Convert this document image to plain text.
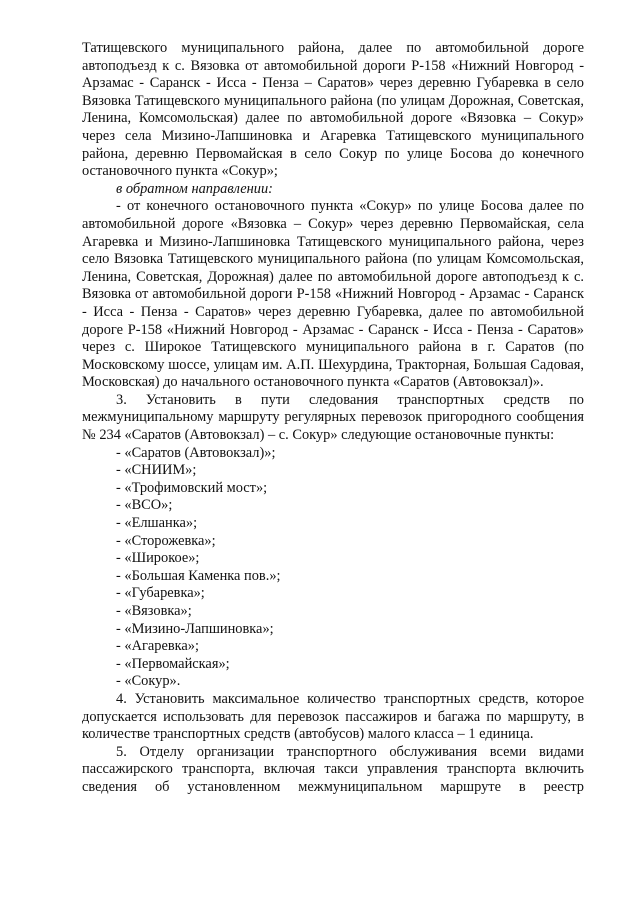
Татищевского муниципального района, далее по автомобильной дороге автоподъезд к с. Вязовка от автомобильной дороги Р-158 «Нижний Новгород - Арзамас - Саранск - Исса - Пенза – Саратов» через деревню Губаревка в село Вязовка Татищевского муниципального района (по улицам Дорожная, Советская, Ленина, Комсомольская) далее по автомобильной дороге «Вязовка – Сокур» через села Мизино-Лапшиновка и Агаревка Татищевского муниципального района, деревню Первомайская в село Сокур по улице Босова до конечного остановочного пункта «Сокур»;

в обратном направлении:

- от конечного остановочного пункта «Сокур» по улице Босова далее по автомобильной дороге «Вязовка – Сокур» через деревню Первомайская, села Агаревка и Мизино-Лапшиновка Татищевского муниципального района, через село Вязовка Татищевского муниципального района (по улицам Комсомольская, Ленина, Советская, Дорожная) далее по автомобильной дороге автоподъезд к с. Вязовка от автомобильной дороги Р-158 «Нижний Новгород - Арзамас - Саранск - Исса - Пенза - Саратов» через деревню Губаревка, далее по автомобильной дороге Р-158 «Нижний Новгород - Арзамас - Саранск - Исса - Пенза - Саратов» через с. Широкое Татищевского муниципального района в г. Саратов (по Московскому шоссе, улицам им. А.П. Шехурдина, Тракторная, Большая Садовая, Московская) до начального остановочного пункта «Саратов (Автовокзал)».

3. Установить в пути следования транспортных средств по межмуниципальному маршруту регулярных перевозок пригородного сообщения № 234 «Саратов (Автовокзал) – с. Сокур» следующие остановочные пункты:

- «Саратов (Автовокзал)»;
- «СНИИМ»;
- «Трофимовский мост»;
- «ВСО»;
- «Елшанка»;
- «Сторожевка»;
- «Широкое»;
- «Большая Каменка пов.»;
- «Губаревка»;
- «Вязовка»;
- «Мизино-Лапшиновка»;
- «Агаревка»;
- «Первомайская»;
- «Сокур».

4. Установить максимальное количество транспортных средств, которое допускается использовать для перевозок пассажиров и багажа по маршруту, в количестве транспортных средств (автобусов) малого класса – 1 единица.

5. Отделу организации транспортного обслуживания всеми видами пассажирского транспорта, включая такси управления транспорта включить сведения об установленном межмуниципальном маршруте в реестр
